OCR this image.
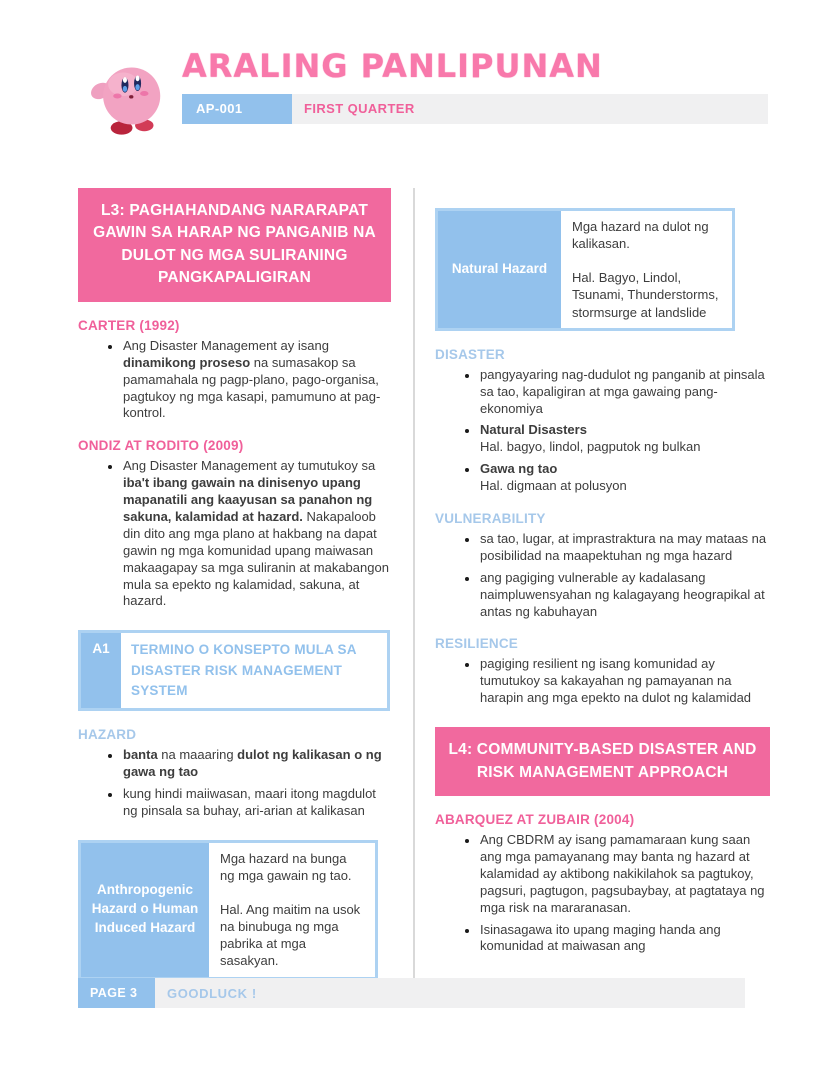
ARALING PANLIPUNAN
AP-001	FIRST QUARTER
L3: PAGHAHANDANG NARARAPAT GAWIN SA HARAP NG PANGANIB NA DULOT NG MGA SULIRANING PANGKAPALIGIRAN

CARTER (1992)

• Ang Disaster Management ay isang dinamikong proseso na sumasakop sa pamamahala ng pagp-plano, pago-organisa, pagtukoy ng mga kasapi, pamumuno at pag-kontrol.

ONDIZ AT RODITO (2009)

• Ang Disaster Management ay tumutukoy sa iba't ibang gawain na dinisenyo upang mapanatili ang kaayusan sa panahon ng sakuna, kalamidad at hazard. Nakapaloob din dito ang mga plano at hakbang na dapat gawin ng mga komunidad upang maiwasan makaagapay sa mga suliranin at makabangon mula sa epekto ng kalamidad, sakuna, at hazard.
A1	TERMINO O KONSEPTO MULA SA DISASTER RISK MANAGEMENT SYSTEM

HAZARD

• banta na maaaring dulot ng kalikasan o ng gawa ng tao
• kung hindi maiiwasan, maari itong magdulot ng pinsala sa buhay, ari-arian at kalikasan
Anthropogenic Hazard o Human Induced Hazard

Mga hazard na bunga ng mga gawain ng tao.

Hal. Ang maitim na usok na binubuga ng mga pabrika at mga sasakyan.

Natural Hazard

Mga hazard na dulot ng kalikasan.

Hal. Bagyo, Lindol, Tsunami, Thunderstorms, stormsurge at landslide

DISASTER

• pangyayaring nag-dudulot ng panganib at pinsala sa tao, kapaligiran at mga gawaing pang-ekonomiya
• Natural Disasters
Hal. bagyo, lindol, pagputok ng bulkan
• Gawa ng tao
Hal. digmaan at polusyon

VULNERABILITY

• sa tao, lugar, at imprastraktura na may mataas na posibilidad na maapektuhan ng mga hazard
• ang pagiging vulnerable ay kadalasang naimpluwensyahan ng kalagayang heograpikal at antas ng kabuhayan

RESILIENCE

• pagiging resilient ng isang komunidad ay tumutukoy sa kakayahan ng pamayanan na harapin ang mga epekto na dulot ng kalamidad
L4: COMMUNITY-BASED DISASTER AND RISK MANAGEMENT APPROACH

ABARQUEZ AT ZUBAIR (2004)

• Ang CBDRM ay isang pamamaraan kung saan ang mga pamayanang may banta ng hazard at kalamidad ay aktibong nakikilahok sa pagtukoy, pagsuri, pagtugon, pagsubaybay, at pagtataya ng mga risk na mararanasan.
• Isinasagawa ito upang maging handa ang komunidad at maiwasan ang
PAGE 3	GOODLUCK !
